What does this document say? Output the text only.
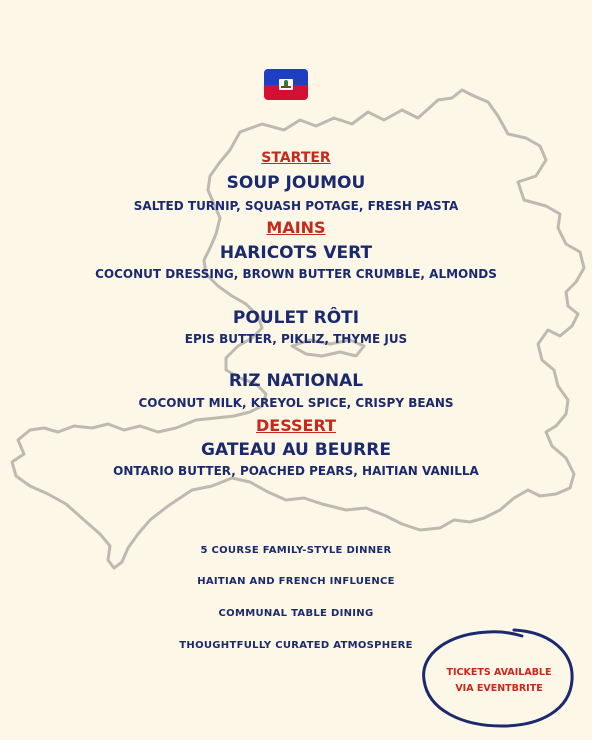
STARTER
SOUP JOUMOU
SALTED TURNIP, SQUASH POTAGE, FRESH PASTA
MAINS
HARICOTS VERT
COCONUT DRESSING, BROWN BUTTER CRUMBLE, ALMONDS
POULET RÔTI
EPIS BUTTER, PIKLIZ, THYME JUS
RIZ NATIONAL
COCONUT MILK, KREYOL SPICE, CRISPY BEANS
DESSERT
GATEAU AU BEURRE
ONTARIO BUTTER, POACHED PEARS, HAITIAN VANILLA
5 COURSE FAMILY-STYLE DINNER
HAITIAN AND FRENCH INFLUENCE
COMMUNAL TABLE DINING
THOUGHTFULLY CURATED ATMOSPHERE
TICKETS AVAILABLE
VIA EVENTBRITE
